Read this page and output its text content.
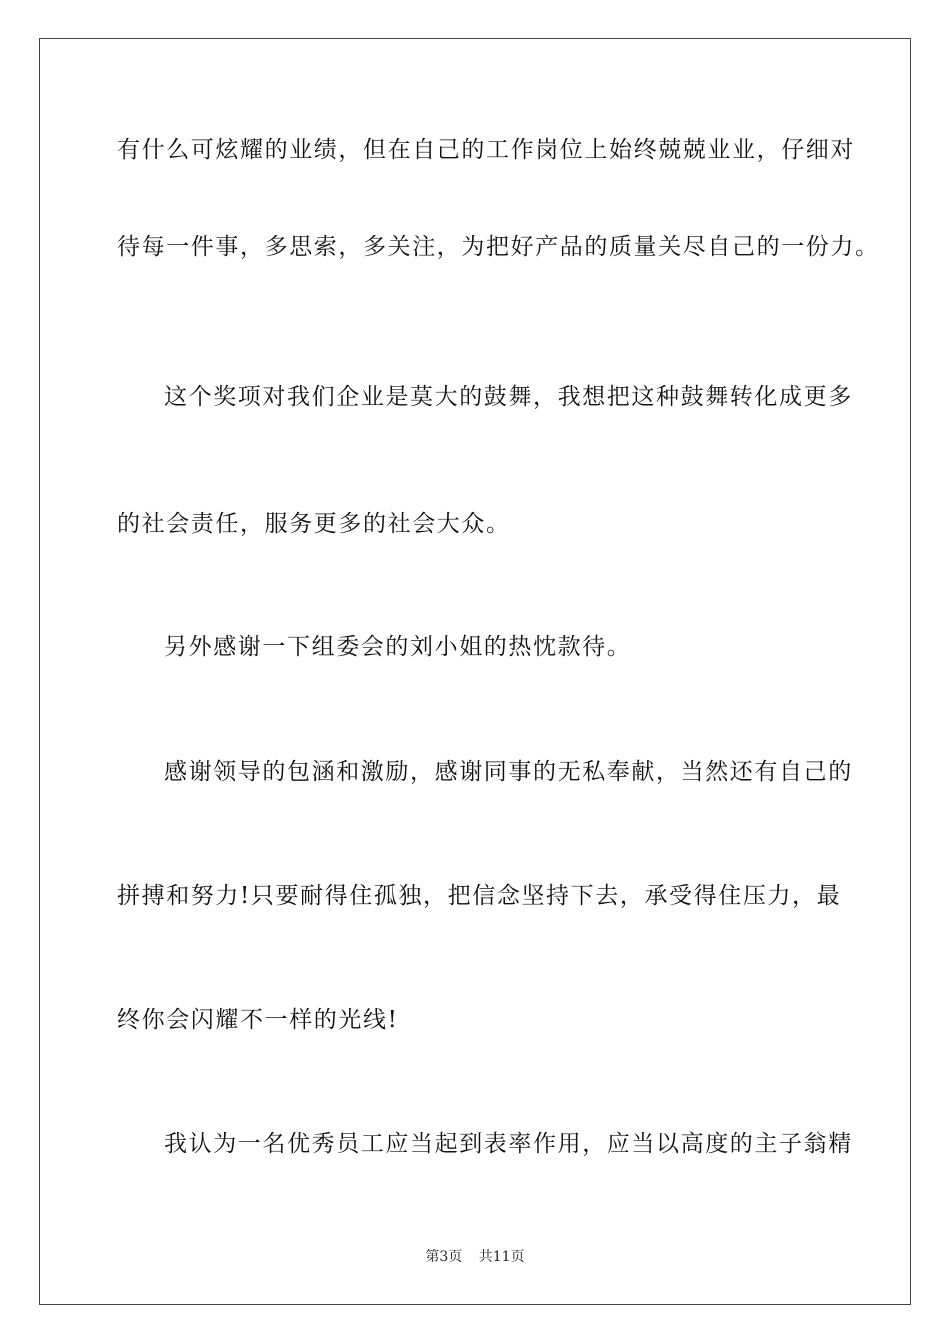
有什么可炫耀的业绩，但在自己的工作岗位上始终兢兢业业，仔细对
待每一件事，多思索，多关注，为把好产品的质量关尽自己的一份力。
这个奖项对我们企业是莫大的鼓舞，我想把这种鼓舞转化成更多
的社会责任，服务更多的社会大众。
另外感谢一下组委会的刘小姐的热忱款待。
感谢领导的包涵和激励，感谢同事的无私奉献，当然还有自己的
拼搏和努力!只要耐得住孤独，把信念坚持下去，承受得住压力，最
终你会闪耀不一样的光线!
我认为一名优秀员工应当起到表率作用，应当以高度的主子翁精
第3页 共11页
